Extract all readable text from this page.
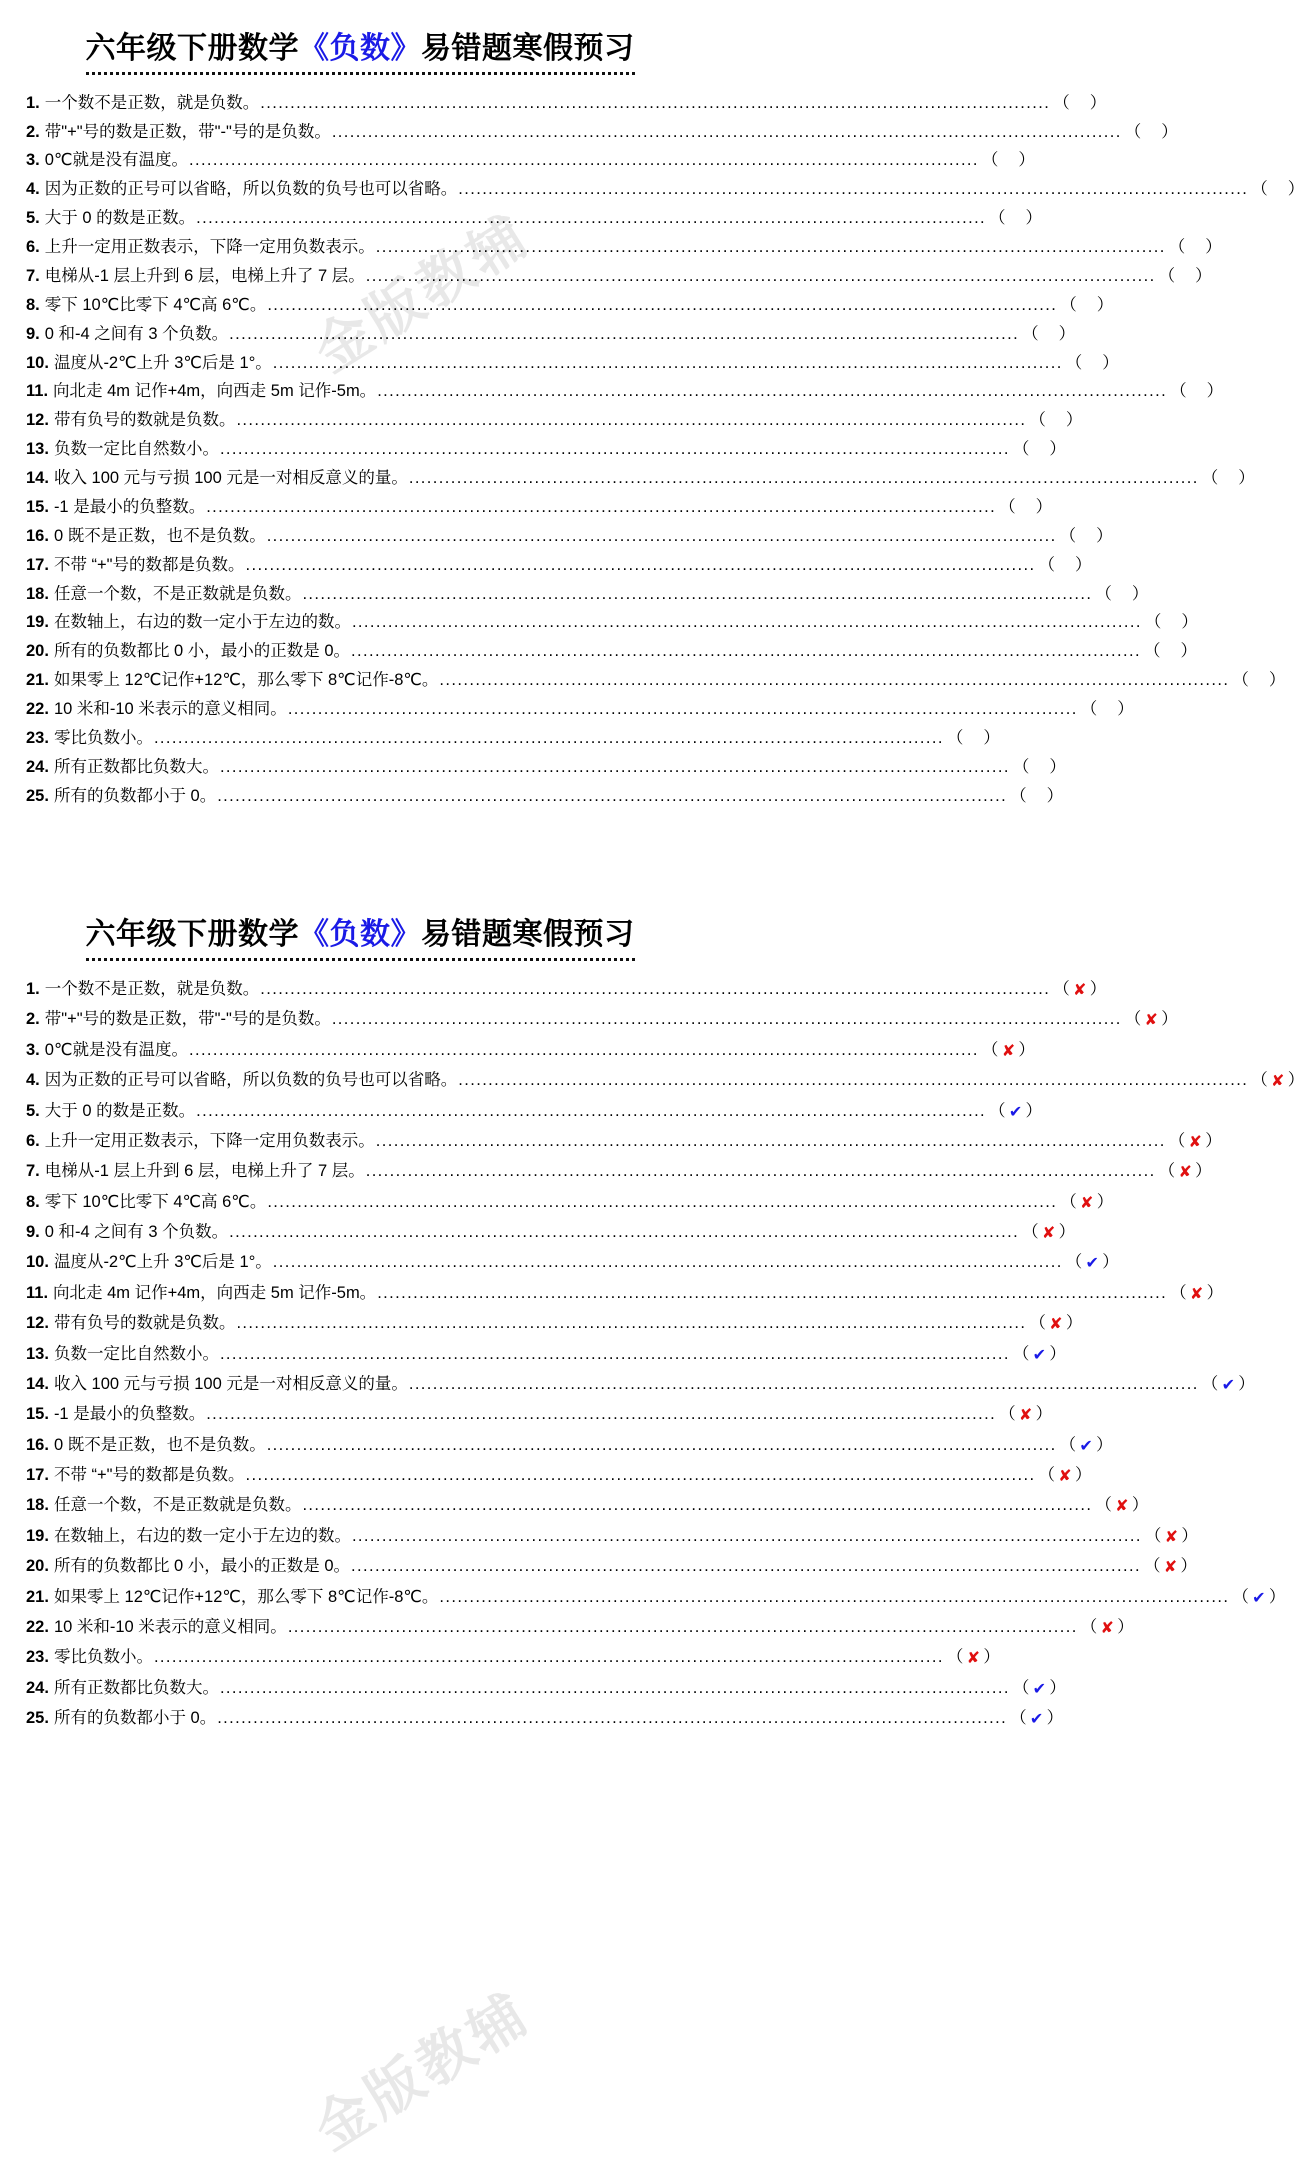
金版教辅
六年级下册数学《负数》易错题寒假预习
1. 一个数不是正数，就是负数。 .....	（ ）
2. 带"+"号的数是正数，带"-"号的是负数。 .....	（ ）
3. 0℃就是没有温度。 .....	（ ）
4. 因为正数的正号可以省略，所以负数的负号也可以省略。 .....	（ ）
5. 大于 0 的数是正数。 .....	（ ）
6. 上升一定用正数表示，下降一定用负数表示。 .....	（ ）
7. 电梯从-1 层上升到 6 层，电梯上升了 7 层。 .....	（ ）
8. 零下 10℃比零下 4℃高 6℃。 .....	（ ）
9. 0 和-4 之间有 3 个负数。 .....	（ ）
10. 温度从-2℃上升 3℃后是 1°。 .....	（ ）
11. 向北走 4m 记作+4m，向西走 5m 记作-5m。 .....	（ ）
12. 带有负号的数就是负数。 .....	（ ）
13. 负数一定比自然数小。 .....	（ ）
14. 收入 100 元与亏损 100 元是一对相反意义的量。 .....	（ ）
15. -1 是最小的负整数。 .....	（ ）
16. 0 既不是正数，也不是负数。 .....	（ ）
17. 不带 “+"号的数都是负数。 .....	（ ）
18. 任意一个数，不是正数就是负数。 .....	（ ）
19. 在数轴上，右边的数一定小于左边的数。 .....	（ ）
20. 所有的负数都比 0 小，最小的正数是 0。 .....	（ ）
21. 如果零上 12℃记作+12℃，那么零下 8℃记作-8℃。 .....	（ ）
22. 10 米和-10 米表示的意义相同。 .....	（ ）
23. 零比负数小。 .....	（ ）
24. 所有正数都比负数大。 .....	（ ）
25. 所有的负数都小于 0。 .....	（ ）
金版教辅
六年级下册数学《负数》易错题寒假预习
1. 一个数不是正数，就是负数。 .....	（ ✘ ）
2. 带"+"号的数是正数，带"-"号的是负数。 .....	（ ✘ ）
3. 0℃就是没有温度。 .....	（ ✘ ）
4. 因为正数的正号可以省略，所以负数的负号也可以省略。 .....	（ ✘ ）
5. 大于 0 的数是正数。 .....	（ ✔ ）
6. 上升一定用正数表示，下降一定用负数表示。 .....	（ ✘ ）
7. 电梯从-1 层上升到 6 层，电梯上升了 7 层。 .....	（ ✘ ）
8. 零下 10℃比零下 4℃高 6℃。 .....	（ ✘ ）
9. 0 和-4 之间有 3 个负数。 .....	（ ✘ ）
10. 温度从-2℃上升 3℃后是 1°。 .....	（ ✔ ）
11. 向北走 4m 记作+4m，向西走 5m 记作-5m。 .....	（ ✘ ）
12. 带有负号的数就是负数。 .....	（ ✘ ）
13. 负数一定比自然数小。 .....	（ ✔ ）
14. 收入 100 元与亏损 100 元是一对相反意义的量。 .....	（ ✔ ）
15. -1 是最小的负整数。 .....	（ ✘ ）
16. 0 既不是正数，也不是负数。 .....	（ ✔ ）
17. 不带 “+"号的数都是负数。 .....	（ ✘ ）
18. 任意一个数，不是正数就是负数。 .....	（ ✘ ）
19. 在数轴上，右边的数一定小于左边的数。 .....	（ ✘ ）
20. 所有的负数都比 0 小，最小的正数是 0。 .....	（ ✘ ）
21. 如果零上 12℃记作+12℃，那么零下 8℃记作-8℃。 .....	（ ✔ ）
22. 10 米和-10 米表示的意义相同。 .....	（ ✘ ）
23. 零比负数小。 .....	（ ✘ ）
24. 所有正数都比负数大。 .....	（ ✔ ）
25. 所有的负数都小于 0。 .....	（ ✔ ）
